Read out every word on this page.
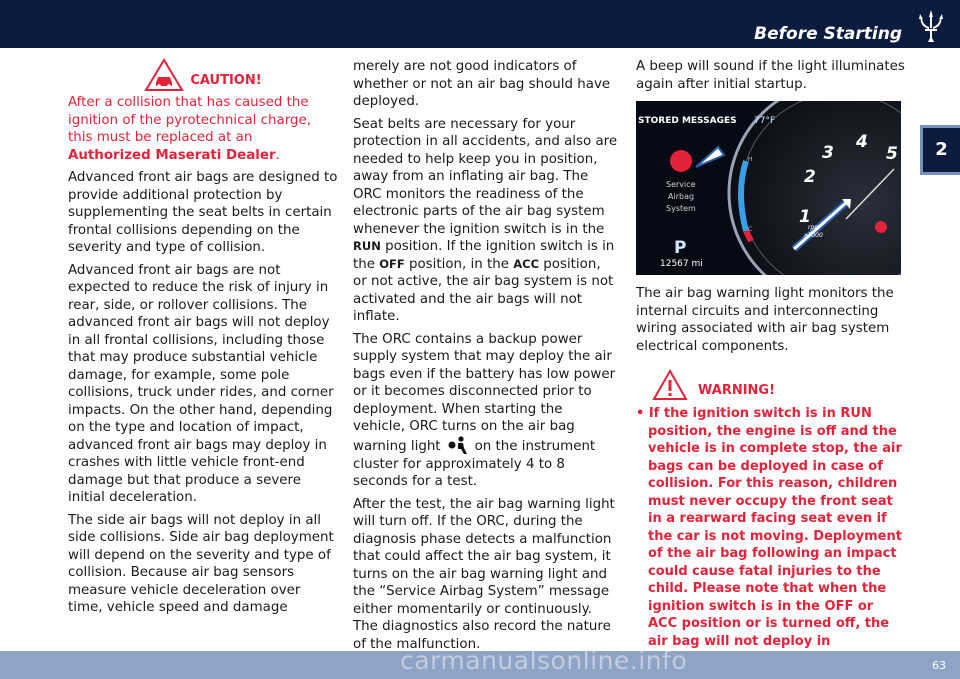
Before Starting
2
CAUTION!

After a collision that has caused the ignition of the pyrotechnical charge, this must be replaced at an Authorized Maserati Dealer.

Advanced front air bags are designed to provide additional protection by supplementing the seat belts in certain frontal collisions depending on the severity and type of collision.

Advanced front air bags are not expected to reduce the risk of injury in rear, side, or rollover collisions. The advanced front air bags will not deploy in all frontal collisions, including those that may produce substantial vehicle damage, for example, some pole collisions, truck under rides, and corner impacts. On the other hand, depending on the type and location of impact, advanced front air bags may deploy in crashes with little vehicle front-end damage but that produce a severe initial deceleration.

The side air bags will not deploy in all side collisions. Side air bag deployment will depend on the severity and type of collision. Because air bag sensors measure vehicle deceleration over time, vehicle speed and damage

merely are not good indicators of whether or not an air bag should have deployed.

Seat belts are necessary for your protection in all accidents, and also are needed to help keep you in position, away from an inflating air bag. The ORC monitors the readiness of the electronic parts of the air bag system whenever the ignition switch is in the RUN position. If the ignition switch is in the OFF position, in the ACC position, or not active, the air bag system is not activated and the air bags will not inflate.

The ORC contains a backup power supply system that may deploy the air bags even if the battery has low power or it becomes disconnected prior to deployment. When starting the vehicle, ORC turns on the air bag warning light	on the instrument cluster for approximately 4 to 8 seconds for a test.

After the test, the air bag warning light will turn off. If the ORC, during the diagnosis phase detects a malfunction that could affect the air bag system, it turns on the air bag warning light and the “Service Airbag System” message either momentarily or continuously. The diagnostics also record the nature of the malfunction.

A beep will sound if the light illuminates again after initial startup.

STORED MESSAGES 77°F
Service
Airbag
System
P
12567 mi
H
C
1
2
3
4
5
rpm
x1000

The air bag warning light monitors the internal circuits and interconnecting wiring associated with air bag system electrical components.

WARNING!
• If the ignition switch is in RUN position, the engine is off and the vehicle is in complete stop, the air bags can be deployed in case of collision. For this reason, children must never occupy the front seat in a rearward facing seat even if the car is not moving. Deployment of the air bag following an impact could cause fatal injuries to the child. Please note that when the ignition switch is in the OFF or ACC position or is turned off, the air bag will not deploy in
63
carmanualsonline.info
